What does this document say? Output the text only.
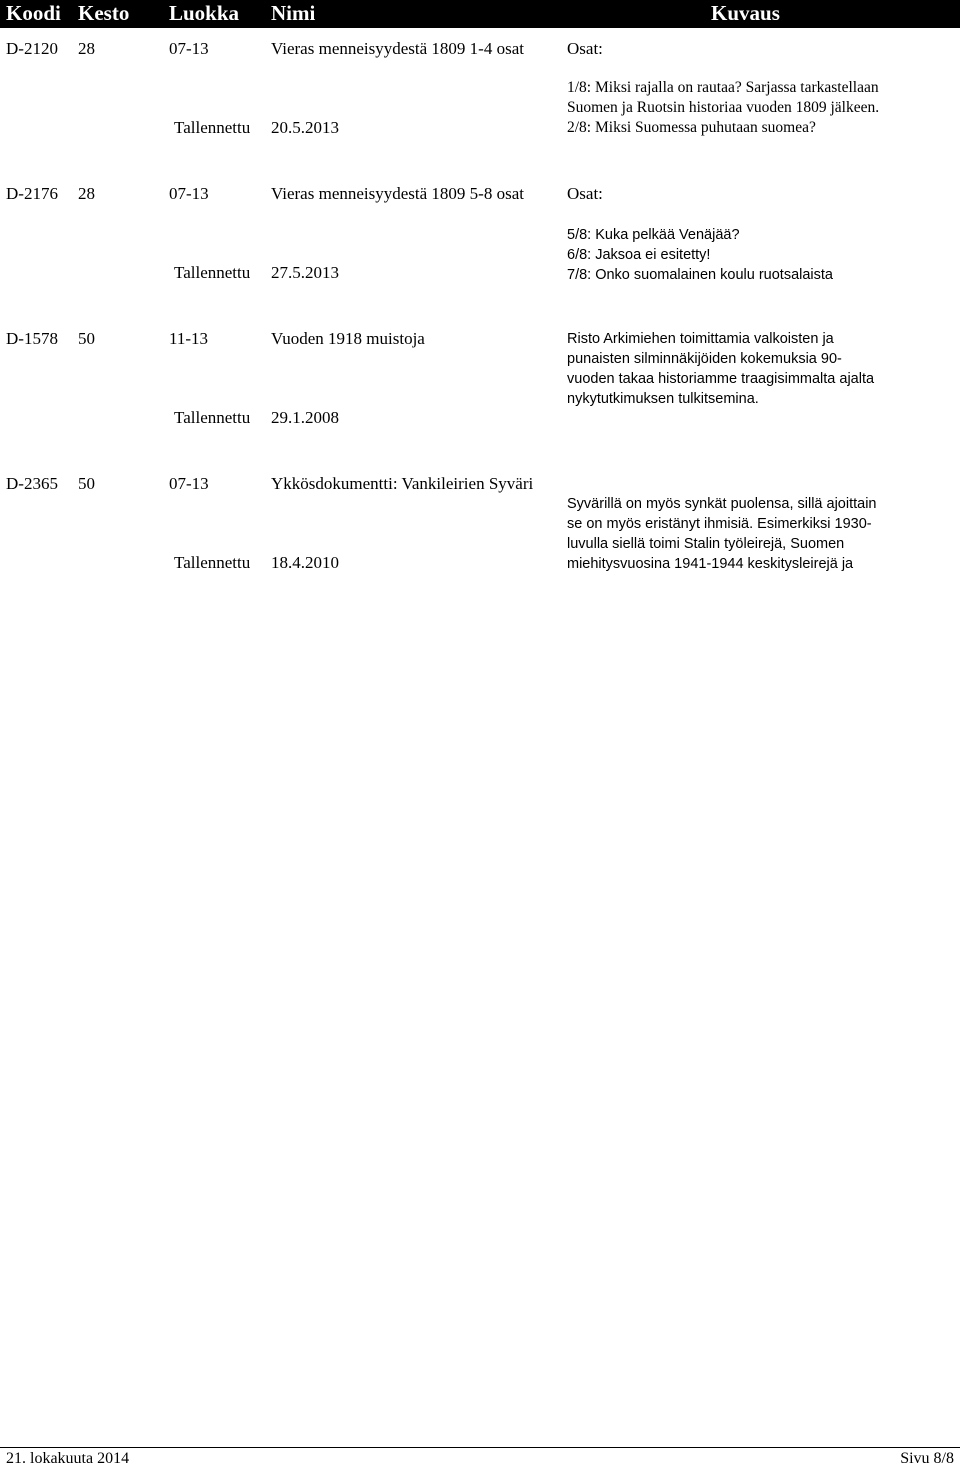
Koodi Kesto Luokka Nimi	Kuvaus
D-2120 28	07-13	Vieras menneisyydestä 1809 1-4 osat	Osat:
Tallennettu 20.5.2013
1/8: Miksi rajalla on rautaa? Sarjassa tarkastellaan
Suomen ja Ruotsin historiaa vuoden 1809 jälkeen.
2/8: Miksi Suomessa puhutaan suomea?
D-2176 28	07-13	Vieras menneisyydestä 1809 5-8 osat	Osat:
Tallennettu 27.5.2013
5/8: Kuka pelkää Venäjää?
6/8: Jaksoa ei esitetty!
7/8: Onko suomalainen koulu ruotsalaista
D-1578 50	11-13	Vuoden 1918 muistoja
Tallennettu 29.1.2008
Risto Arkimiehen toimittamia valkoisten ja
punaisten silminnäkijöiden kokemuksia 90-
vuoden takaa historiamme traagisimmalta ajalta
nykytutkimuksen tulkitsemina.
D-2365 50	07-13	Ykkösdokumentti: Vankileirien Syväri
Tallennettu 18.4.2010
Syvärillä on myös synkät puolensa, sillä ajoittain
se on myös eristänyt ihmisiä. Esimerkiksi 1930-
luvulla siellä toimi Stalin työleirejä, Suomen
miehitysvuosina 1941-1944 keskitysleirejä ja
21. lokakuuta 2014	Sivu 8/8
